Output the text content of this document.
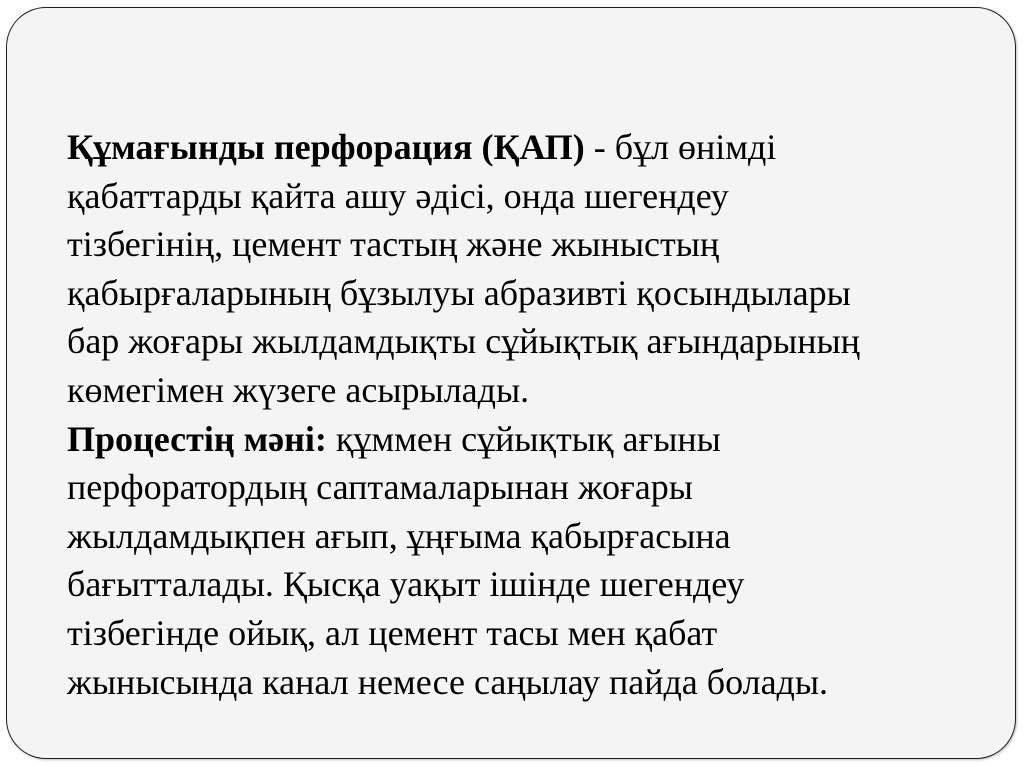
Құмағынды перфорация (ҚАП) - бұл өнімді
қабаттарды қайта ашу әдісі, онда шегендеу
тізбегінің, цемент тастың және жыныстың
қабырғаларының бұзылуы абразивті қосындылары
бар жоғары жылдамдықты сұйықтық ағындарының
көмегімен жүзеге асырылады.
Процестің мәні: құммен сұйықтық ағыны
перфоратордың саптамаларынан жоғары
жылдамдықпен ағып, ұңғыма қабырғасына
бағытталады. Қысқа уақыт ішінде шегендеу
тізбегінде ойық, ал цемент тасы мен қабат
жынысында канал немесе саңылау пайда болады.
